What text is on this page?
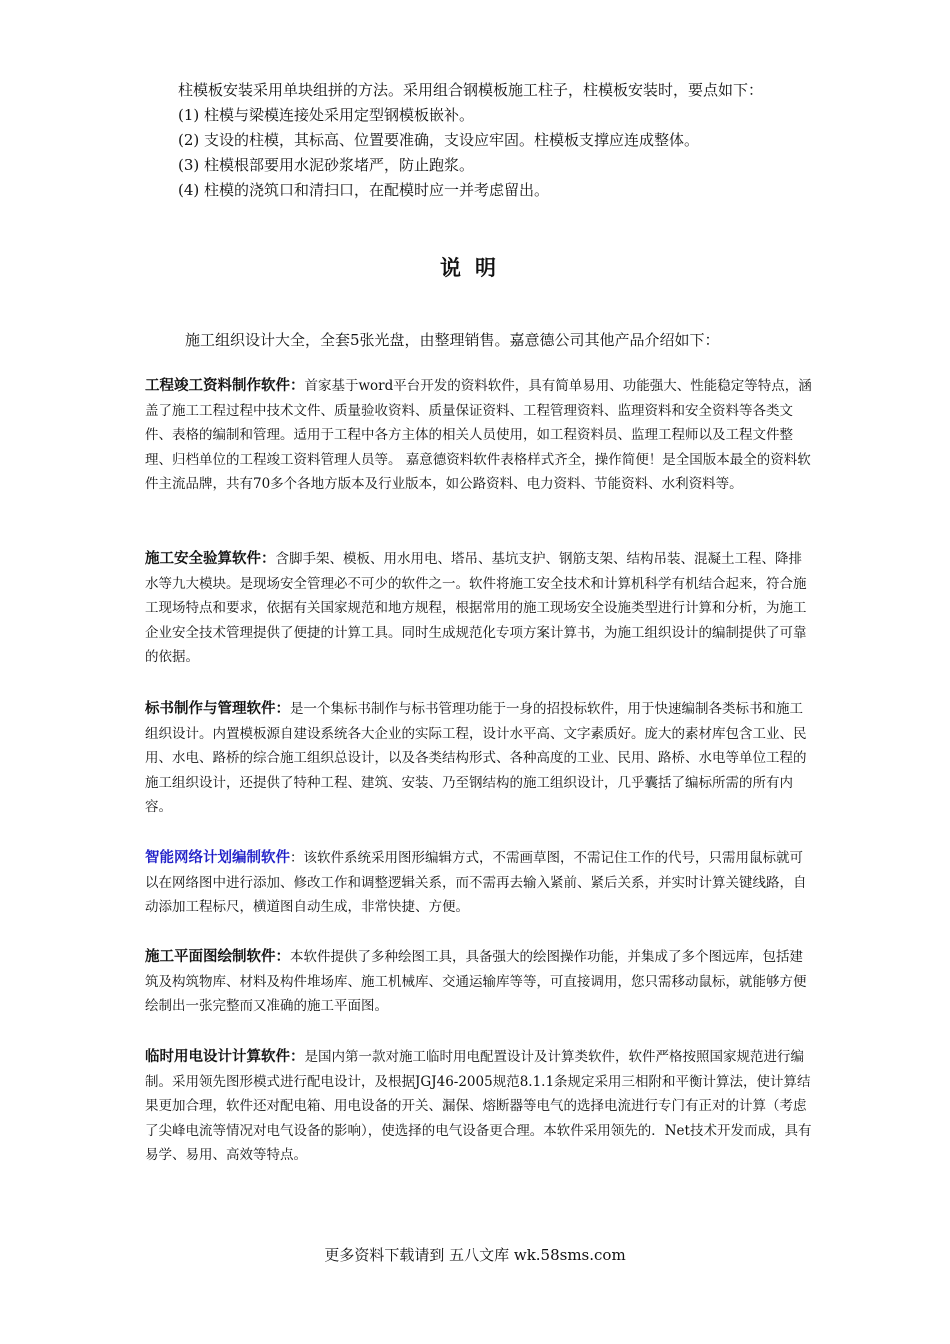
柱模板安装采用单块组拼的方法。采用组合钢模板施工柱子，柱模板安装时，要点如下：

(1) 柱模与梁模连接处采用定型钢模板嵌补。

(2) 支设的柱模，其标高、位置要准确，支设应牢固。柱模板支撑应连成整体。

(3) 柱模根部要用水泥砂浆堵严，防止跑浆。

(4) 柱模的浇筑口和清扫口，在配模时应一并考虑留出。

说明
施工组织设计大全，全套5张光盘，由整理销售。嘉意德公司其他产品介绍如下：
工程竣工资料制作软件：首家基于word平台开发的资料软件，具有简单易用、功能强大、性能稳定等特点，涵盖了施工工程过程中技术文件、质量验收资料、质量保证资料、工程管理资料、监理资料和安全资料等各类文件、表格的编制和管理。适用于工程中各方主体的相关人员使用，如工程资料员、监理工程师以及工程文件整理、归档单位的工程竣工资料管理人员等。 嘉意德资料软件表格样式齐全，操作简便！是全国版本最全的资料软件主流品牌，共有70多个各地方版本及行业版本，如公路资料、电力资料、节能资料、水利资料等。
施工安全验算软件：含脚手架、模板、用水用电、塔吊、基坑支护、钢筋支架、结构吊装、混凝土工程、降排水等九大模块。是现场安全管理必不可少的软件之一。软件将施工安全技术和计算机科学有机结合起来，符合施工现场特点和要求，依据有关国家规范和地方规程，根据常用的施工现场安全设施类型进行计算和分析，为施工企业安全技术管理提供了便捷的计算工具。同时生成规范化专项方案计算书，为施工组织设计的编制提供了可靠的依据。
标书制作与管理软件：是一个集标书制作与标书管理功能于一身的招投标软件，用于快速编制各类标书和施工组织设计。内置模板源自建设系统各大企业的实际工程，设计水平高、文字素质好。庞大的素材库包含工业、民用、水电、路桥的综合施工组织总设计，以及各类结构形式、各种高度的工业、民用、路桥、水电等单位工程的施工组织设计，还提供了特种工程、建筑、安装、乃至钢结构的施工组织设计，几乎囊括了编标所需的所有内容。
智能网络计划编制软件：该软件系统采用图形编辑方式，不需画草图，不需记住工作的代号，只需用鼠标就可以在网络图中进行添加、修改工作和调整逻辑关系，而不需再去输入紧前、紧后关系，并实时计算关键线路，自动添加工程标尺，横道图自动生成，非常快捷、方便。
施工平面图绘制软件：本软件提供了多种绘图工具，具备强大的绘图操作功能，并集成了多个图远库，包括建筑及构筑物库、材料及构件堆场库、施工机械库、交通运输库等等，可直接调用，您只需移动鼠标，就能够方便绘制出一张完整而又准确的施工平面图。
临时用电设计计算软件：是国内第一款对施工临时用电配置设计及计算类软件，软件严格按照国家规范进行编制。采用领先图形模式进行配电设计，及根据JGJ46-2005规范8.1.1条规定采用三相附和平衡计算法，使计算结果更加合理，软件还对配电箱、用电设备的开关、漏保、熔断器等电气的选择电流进行专门有正对的计算（考虑了尖峰电流等情况对电气设备的影响），使选择的电气设备更合理。本软件采用领先的．Net技术开发而成，具有易学、易用、高效等特点。
更多资料下载请到 五八文库 wk.58sms.com
